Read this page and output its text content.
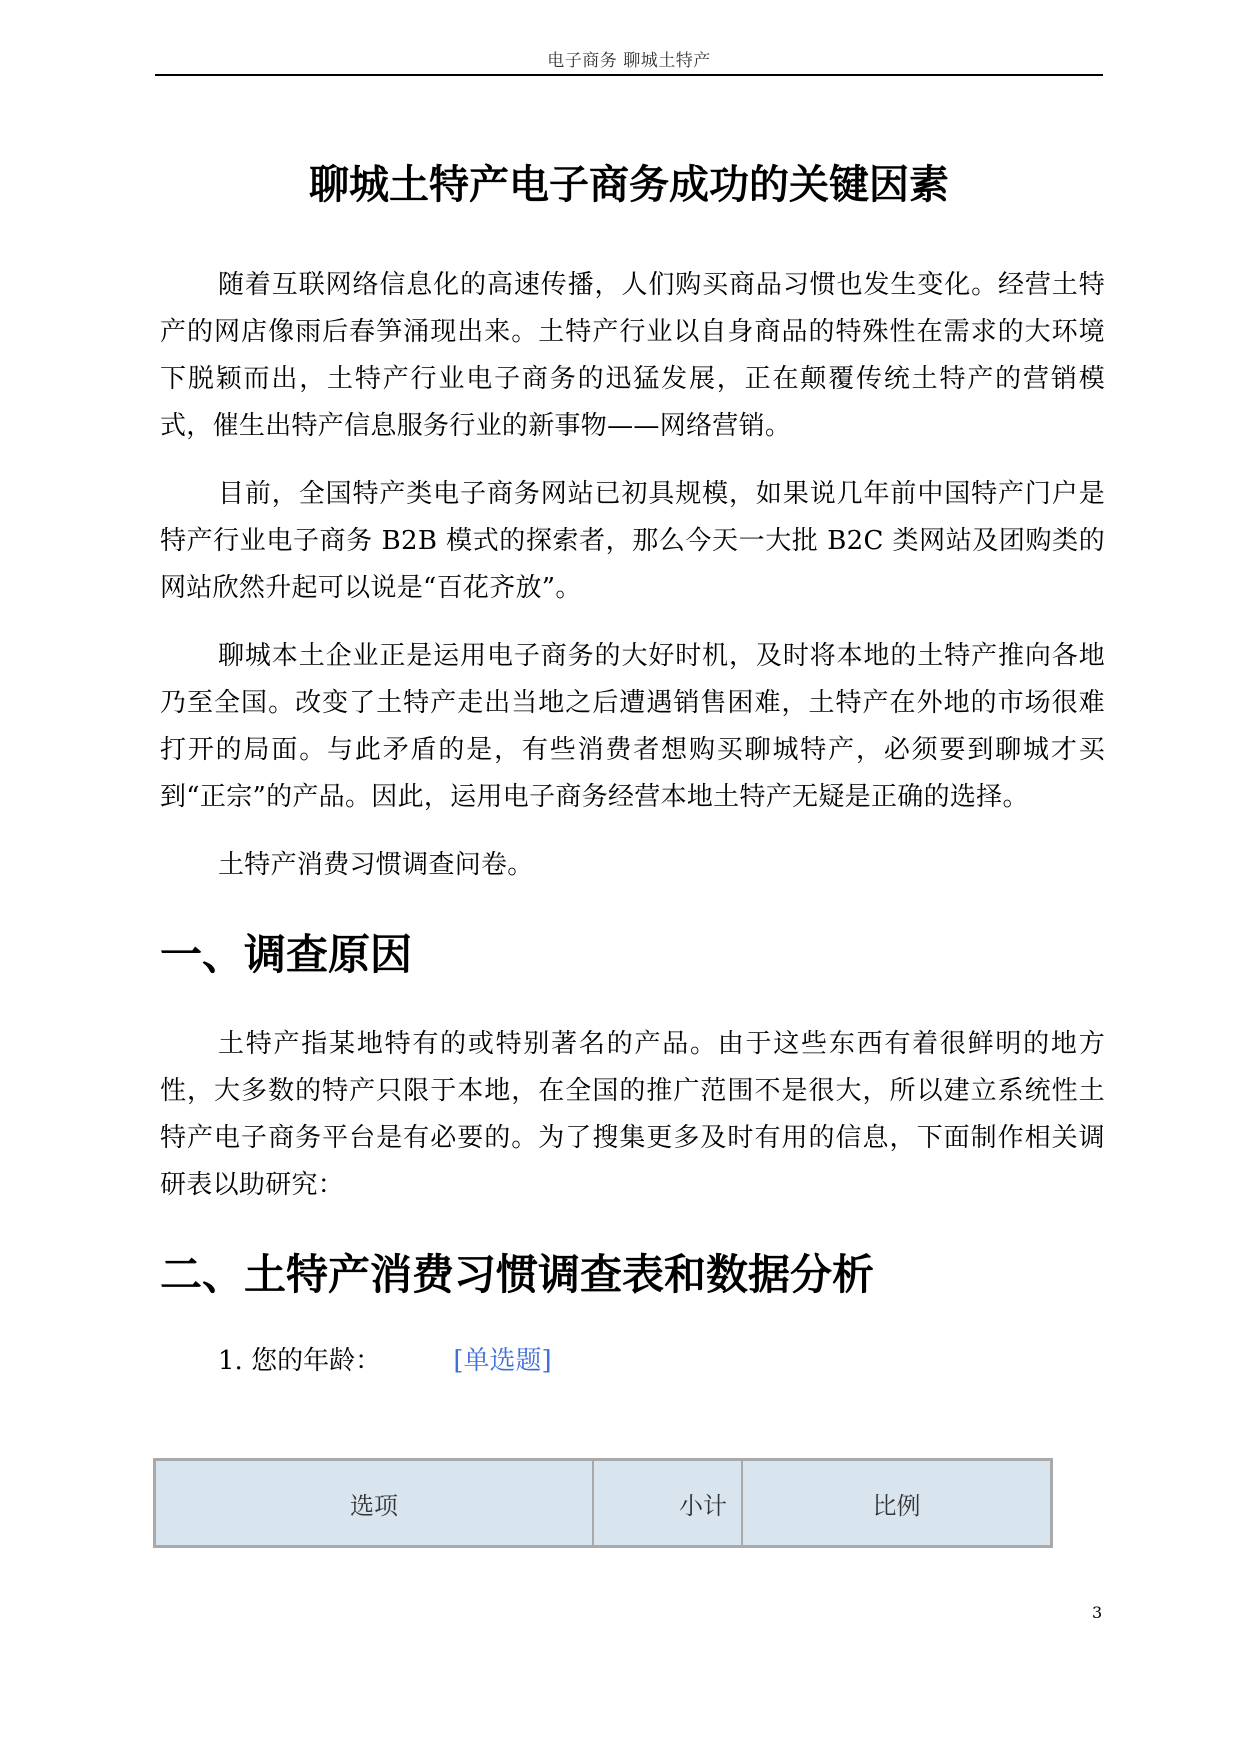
电子商务 聊城土特产
聊城土特产电子商务成功的关键因素

随着互联网络信息化的高速传播，人们购买商品习惯也发生变化。经营土特产的网店像雨后春笋涌现出来。土特产行业以自身商品的特殊性在需求的大环境下脱颖而出，土特产行业电子商务的迅猛发展，正在颠覆传统土特产的营销模式，催生出特产信息服务行业的新事物——网络营销。

目前，全国特产类电子商务网站已初具规模，如果说几年前中国特产门户是特产行业电子商务 B2B 模式的探索者，那么今天一大批 B2C 类网站及团购类的网站欣然升起可以说是“百花齐放”。

聊城本土企业正是运用电子商务的大好时机，及时将本地的土特产推向各地乃至全国。改变了土特产走出当地之后遭遇销售困难，土特产在外地的市场很难打开的局面。与此矛盾的是，有些消费者想购买聊城特产，必须要到聊城才买到“正宗”的产品。因此，运用电子商务经营本地土特产无疑是正确的选择。

土特产消费习惯调查问卷。

一、调查原因

土特产指某地特有的或特别著名的产品。由于这些东西有着很鲜明的地方性，大多数的特产只限于本地，在全国的推广范围不是很大，所以建立系统性土特产电子商务平台是有必要的。为了搜集更多及时有用的信息，下面制作相关调研表以助研究：

二、土特产消费习惯调查表和数据分析
1. 您的年龄：	[单选题]
选项	小计	比例
3
